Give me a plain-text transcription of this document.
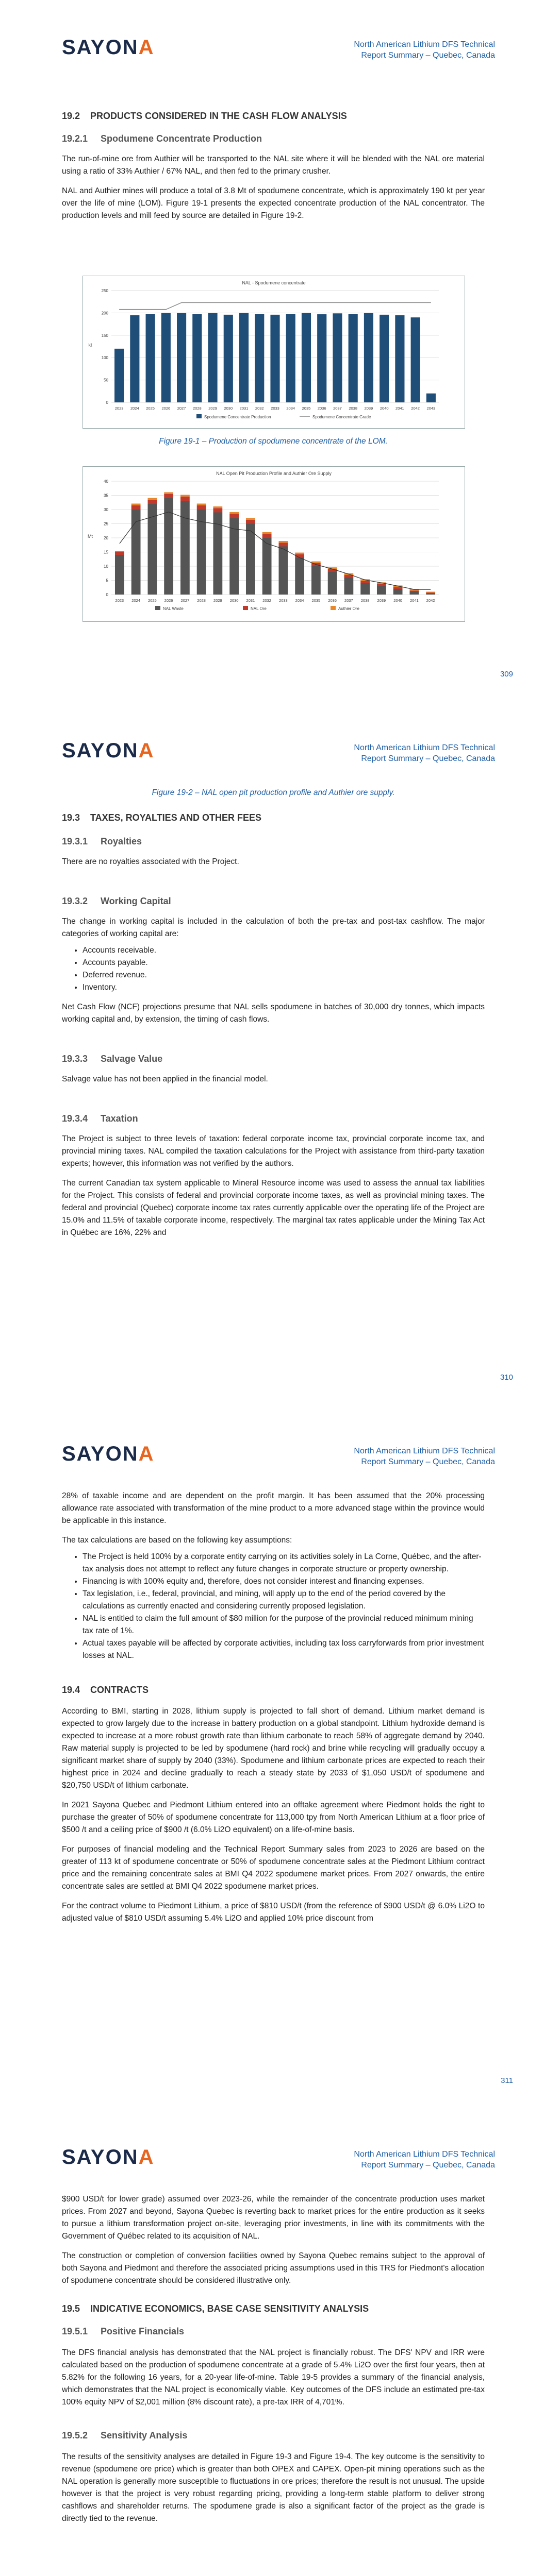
SAYONA	North American Lithium DFS Technical
Report Summary – Quebec, Canada
19.2 PRODUCTS CONSIDERED IN THE CASH FLOW ANALYSIS
19.2.1 Spodumene Concentrate Production

The run-of-mine ore from Authier will be transported to the NAL site where it will be blended with the NAL ore material using a ratio of 33% Authier / 67% NAL, and then fed to the primary crusher.

NAL and Authier mines will produce a total of 3.8 Mt of spodumene concentrate, which is approximately 190 kt per year over the life of mine (LOM). Figure 19-1 presents the expected concentrate production of the NAL concentrator. The production levels and mill feed by source are detailed in Figure 19-2.

NAL - Spodumene concentrate
kt
0
50
100
150
200
250
2023 2024 2025 2026 2027 2028 2029 2030 2031 2032 2033 2034 2035 2036 2037 2038 2039 2040 2041 2042 2043
Spodumene Concentrate Production	Spodumene Concentrate Grade
Figure 19-1 – Production of spodumene concentrate of the LOM.
NAL Open Pit Production Profile and Authier Ore Supply
Mt
0
5
10
15
20
25
30
35
40
2023 2024 2025 2026 2027 2028 2029 2030 2031 2032 2033 2034 2035 2036 2037 2038 2039 2040 2041 2042
NAL Waste	NAL Ore	Authier Ore
309
SAYONA	North American Lithium DFS Technical
Report Summary – Quebec, Canada
Figure 19-2 – NAL open pit production profile and Authier ore supply.
19.3 TAXES, ROYALTIES AND OTHER FEES
19.3.1 Royalties

There are no royalties associated with the Project.

19.3.2 Working Capital

The change in working capital is included in the calculation of both the pre-tax and post-tax cashflow. The major categories of working capital are:

• Accounts receivable.
• Accounts payable.
• Deferred revenue.
• Inventory.

Net Cash Flow (NCF) projections presume that NAL sells spodumene in batches of 30,000 dry tonnes, which impacts working capital and, by extension, the timing of cash flows.

19.3.3 Salvage Value

Salvage value has not been applied in the financial model.

19.3.4 Taxation

The Project is subject to three levels of taxation: federal corporate income tax, provincial corporate income tax, and provincial mining taxes. NAL compiled the taxation calculations for the Project with assistance from third-party taxation experts; however, this information was not verified by the authors.

The current Canadian tax system applicable to Mineral Resource income was used to assess the annual tax liabilities for the Project. This consists of federal and provincial corporate income taxes, as well as provincial mining taxes. The federal and provincial (Quebec) corporate income tax rates currently applicable over the operating life of the Project are 15.0% and 11.5% of taxable corporate income, respectively. The marginal tax rates applicable under the Mining Tax Act in Québec are 16%, 22% and

310
SAYONA	North American Lithium DFS Technical
Report Summary – Quebec, Canada

28% of taxable income and are dependent on the profit margin. It has been assumed that the 20% processing allowance rate associated with transformation of the mine product to a more advanced stage within the province would be applicable in this instance.

The tax calculations are based on the following key assumptions:

• The Project is held 100% by a corporate entity carrying on its activities solely in La Corne, Québec, and the after-tax analysis does not attempt to reflect any future changes in corporate structure or property ownership.
• Financing is with 100% equity and, therefore, does not consider interest and financing expenses.
• Tax legislation, i.e., federal, provincial, and mining, will apply up to the end of the period covered by the calculations as currently enacted and considering currently proposed legislation.
• NAL is entitled to claim the full amount of $80 million for the purpose of the provincial reduced minimum mining tax rate of 1%.
• Actual taxes payable will be affected by corporate activities, including tax loss carryforwards from prior investment losses at NAL.
19.4 CONTRACTS

According to BMI, starting in 2028, lithium supply is projected to fall short of demand. Lithium market demand is expected to grow largely due to the increase in battery production on a global standpoint. Lithium hydroxide demand is expected to increase at a more robust growth rate than lithium carbonate to reach 58% of aggregate demand by 2040. Raw material supply is projected to be led by spodumene (hard rock) and brine while recycling will gradually occupy a significant market share of supply by 2040 (33%). Spodumene and lithium carbonate prices are expected to reach their highest price in 2024 and decline gradually to reach a steady state by 2033 of $1,050 USD/t of spodumene and $20,750 USD/t of lithium carbonate.

In 2021 Sayona Quebec and Piedmont Lithium entered into an offtake agreement where Piedmont holds the right to purchase the greater of 50% of spodumene concentrate for 113,000 tpy from North American Lithium at a floor price of $500 /t and a ceiling price of $900 /t (6.0% Li2O equivalent) on a life-of-mine basis.

For purposes of financial modeling and the Technical Report Summary sales from 2023 to 2026 are based on the greater of 113 kt of spodumene concentrate or 50% of spodumene concentrate sales at the Piedmont Lithium contract price and the remaining concentrate sales at BMI Q4 2022 spodumene market prices. From 2027 onwards, the entire concentrate sales are settled at BMI Q4 2022 spodumene market prices.

For the contract volume to Piedmont Lithium, a price of $810 USD/t (from the reference of $900 USD/t @ 6.0% Li2O to adjusted value of $810 USD/t assuming 5.4% Li2O and applied 10% price discount from

311
SAYONA	North American Lithium DFS Technical
Report Summary – Quebec, Canada

$900 USD/t for lower grade) assumed over 2023-26, while the remainder of the concentrate production uses market prices. From 2027 and beyond, Sayona Quebec is reverting back to market prices for the entire production as it seeks to pursue a lithium transformation project on-site, leveraging prior investments, in line with its commitments with the Government of Québec related to its acquisition of NAL.

The construction or completion of conversion facilities owned by Sayona Quebec remains subject to the approval of both Sayona and Piedmont and therefore the associated pricing assumptions used in this TRS for Piedmont's allocation of spodumene concentrate should be considered illustrative only.

19.5 INDICATIVE ECONOMICS, BASE CASE SENSITIVITY ANALYSIS
19.5.1 Positive Financials

The DFS financial analysis has demonstrated that the NAL project is financially robust. The DFS' NPV and IRR were calculated based on the production of spodumene concentrate at a grade of 5.4% Li2O over the first four years, then at 5.82% for the following 16 years, for a 20-year life-of-mine. Table 19-5 provides a summary of the financial analysis, which demonstrates that the NAL project is economically viable. Key outcomes of the DFS include an estimated pre-tax 100% equity NPV of $2,001 million (8% discount rate), a pre-tax IRR of 4,701%.

19.5.2 Sensitivity Analysis

The results of the sensitivity analyses are detailed in Figure 19-3 and Figure 19-4. The key outcome is the sensitivity to revenue (spodumene ore price) which is greater than both OPEX and CAPEX. Open-pit mining operations such as the NAL operation is generally more susceptible to fluctuations in ore prices; therefore the result is not unusual. The upside however is that the project is very robust regarding pricing, providing a long-term stable platform to deliver strong cashflows and shareholder returns. The spodumene grade is also a significant factor of the project as the grade is directly tied to the revenue.
